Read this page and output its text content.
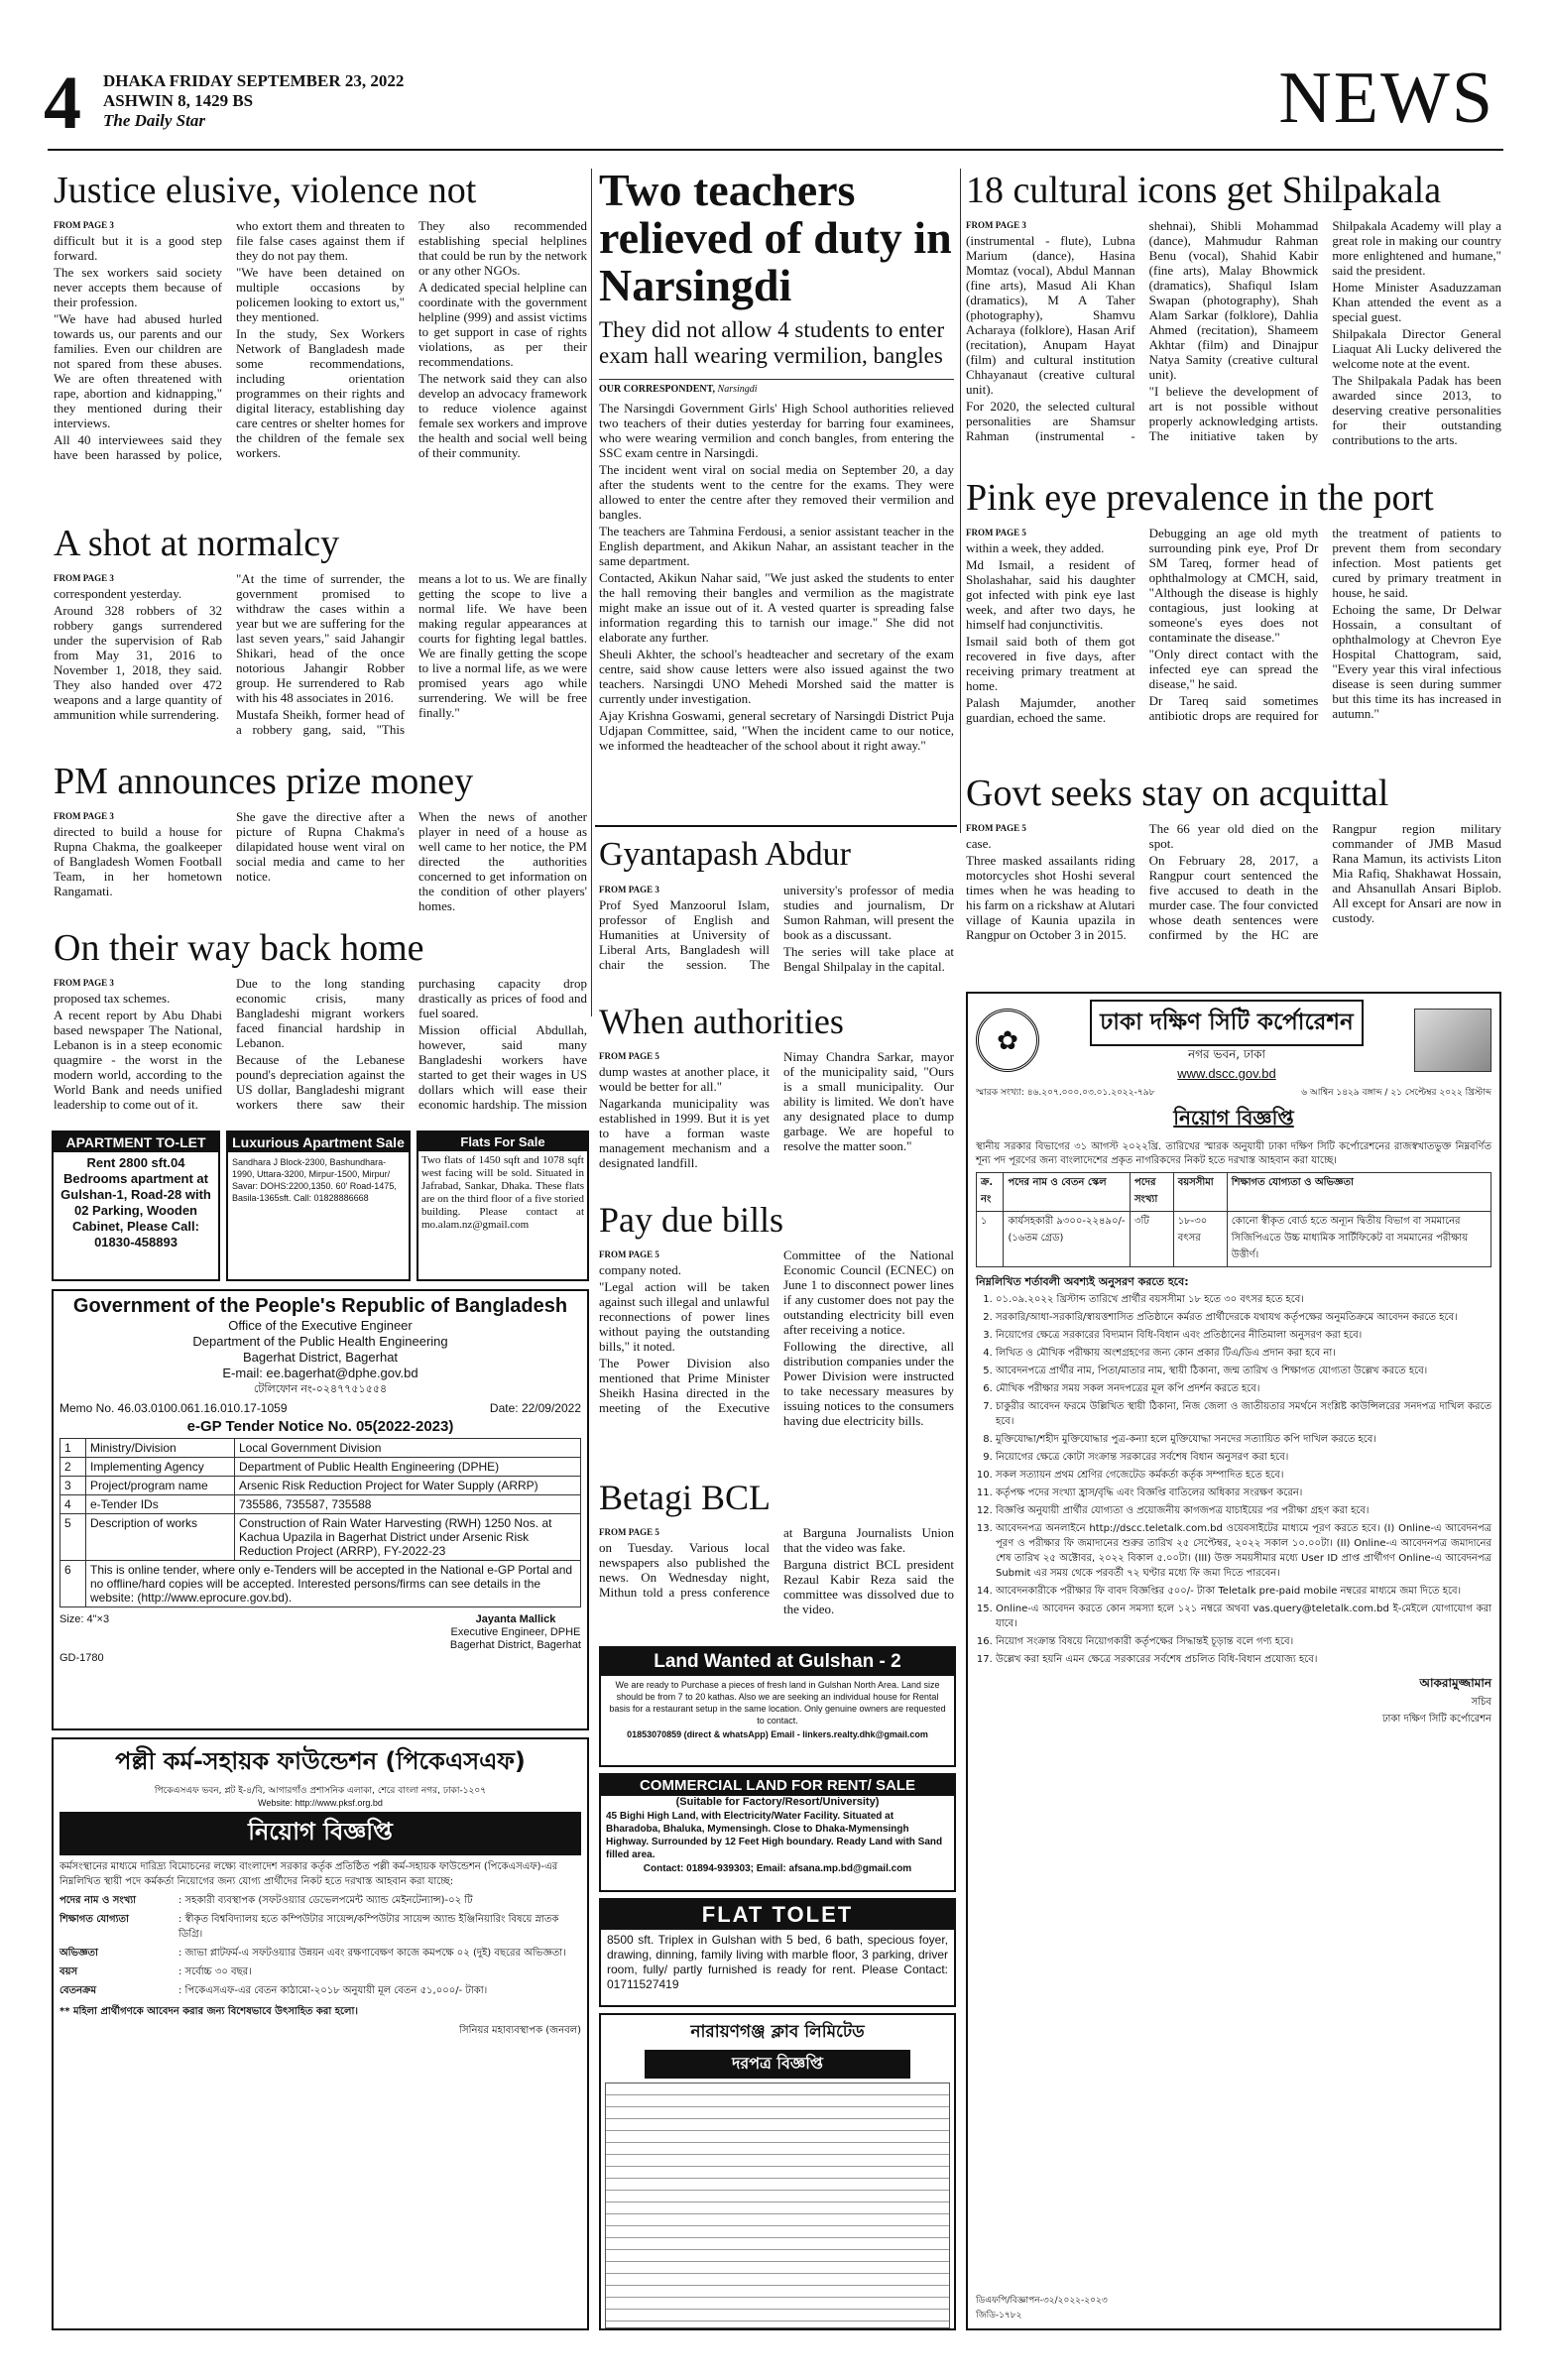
4 DHAKA FRIDAY SEPTEMBER 23, 2022
ASHWIN 8, 1429 BS
The Daily Star	NEWS
Justice elusive, violence not
FROM PAGE 3

difficult but it is a good step forward.

The sex workers said society never accepts them because of their profession.

"We have had abused hurled towards us, our parents and our families. Even our children are not spared from these abuses. We are often threatened with rape, abortion and kidnapping," they mentioned during their interviews.

All 40 interviewees said they have been harassed by police, who extort them and threaten to file false cases against them if they do not pay them.

"We have been detained on multiple occasions by policemen looking to extort us," they mentioned.

In the study, Sex Workers Network of Bangladesh made some recommendations, including orientation programmes on their rights and digital literacy, establishing day care centres or shelter homes for the children of the female sex workers.

They also recommended establishing special helplines that could be run by the network or any other NGOs.

A dedicated special helpline can coordinate with the government helpline (999) and assist victims to get support in case of rights violations, as per their recommendations.

The network said they can also develop an advocacy framework to reduce violence against female sex workers and improve the health and social well being of their community.

A shot at normalcy
FROM PAGE 3

correspondent yesterday.

Around 328 robbers of 32 robbery gangs surrendered under the supervision of Rab from May 31, 2016 to November 1, 2018, they said. They also handed over 472 weapons and a large quantity of ammunition while surrendering.

"At the time of surrender, the government promised to withdraw the cases within a year but we are suffering for the last seven years," said Jahangir Shikari, head of the once notorious Jahangir Robber group. He surrendered to Rab with his 48 associates in 2016.

Mustafa Sheikh, former head of a robbery gang, said, "This means a lot to us. We are finally getting the scope to live a normal life. We have been making regular appearances at courts for fighting legal battles. We are finally getting the scope to live a normal life, as we were promised years ago while surrendering. We will be free finally."

PM announces prize money
FROM PAGE 3

directed to build a house for Rupna Chakma, the goalkeeper of Bangladesh Women Football Team, in her hometown Rangamati.

She gave the directive after a picture of Rupna Chakma's dilapidated house went viral on social media and came to her notice.

When the news of another player in need of a house as well came to her notice, the PM directed the authorities concerned to get information on the condition of other players' homes.

On their way back home
FROM PAGE 3

proposed tax schemes.

A recent report by Abu Dhabi based newspaper The National, Lebanon is in a steep economic quagmire - the worst in the modern world, according to the World Bank and needs unified leadership to come out of it.

Due to the long standing economic crisis, many Bangladeshi migrant workers faced financial hardship in Lebanon.

Because of the Lebanese pound's depreciation against the US dollar, Bangladeshi migrant workers there saw their purchasing capacity drop drastically as prices of food and fuel soared.

Mission official Abdullah, however, said many Bangladeshi workers have started to get their wages in US dollars which will ease their economic hardship. The mission

Two teachers relieved of duty in Narsingdi
They did not allow 4 students to enter exam hall wearing vermilion, bangles
OUR CORRESPONDENT, Narsingdi

The Narsingdi Government Girls' High School authorities relieved two teachers of their duties yesterday for barring four examinees, who were wearing vermilion and conch bangles, from entering the SSC exam centre in Narsingdi.

The incident went viral on social media on September 20, a day after the students went to the centre for the exams. They were allowed to enter the centre after they removed their vermilion and bangles.

The teachers are Tahmina Ferdousi, a senior assistant teacher in the English department, and Akikun Nahar, an assistant teacher in the same department.

Contacted, Akikun Nahar said, "We just asked the students to enter the hall removing their bangles and vermilion as the magistrate might make an issue out of it. A vested quarter is spreading false information regarding this to tarnish our image." She did not elaborate any further.

Sheuli Akhter, the school's headteacher and secretary of the exam centre, said show cause letters were also issued against the two teachers. Narsingdi UNO Mehedi Morshed said the matter is currently under investigation.

Ajay Krishna Goswami, general secretary of Narsingdi District Puja Udjapan Committee, said, "When the incident came to our notice, we informed the headteacher of the school about it right away."

Gyantapash Abdur
FROM PAGE 3

Prof Syed Manzoorul Islam, professor of English and Humanities at University of Liberal Arts, Bangladesh will chair the session. The university's professor of media studies and journalism, Dr Sumon Rahman, will present the book as a discussant.

The series will take place at Bengal Shilpalay in the capital.

When authorities
FROM PAGE 5

dump wastes at another place, it would be better for all."

Nagarkanda municipality was established in 1999. But it is yet to have a forman waste management mechanism and a designated landfill.

Nimay Chandra Sarkar, mayor of the municipality said, "Ours is a small municipality. Our ability is limited. We don't have any designated place to dump garbage. We are hopeful to resolve the matter soon."

Pay due bills
FROM PAGE 5

company noted.

"Legal action will be taken against such illegal and unlawful reconnections of power lines without paying the outstanding bills," it noted.

The Power Division also mentioned that Prime Minister Sheikh Hasina directed in the meeting of the Executive Committee of the National Economic Council (ECNEC) on June 1 to disconnect power lines if any customer does not pay the outstanding electricity bill even after receiving a notice.

Following the directive, all distribution companies under the Power Division were instructed to take necessary measures by issuing notices to the consumers having due electricity bills.

Betagi BCL
FROM PAGE 5

on Tuesday. Various local newspapers also published the news. On Wednesday night, Mithun told a press conference at Barguna Journalists Union that the video was fake.

Barguna district BCL president Rezaul Kabir Reza said the committee was dissolved due to the video.

18 cultural icons get Shilpakala
FROM PAGE 3

(instrumental - flute), Lubna Marium (dance), Hasina Momtaz (vocal), Abdul Mannan (fine arts), Masud Ali Khan (dramatics), M A Taher (photography), Shamvu Acharaya (folklore), Hasan Arif (recitation), Anupam Hayat (film) and cultural institution Chhayanaut (creative cultural unit).

For 2020, the selected cultural personalities are Shamsur Rahman (instrumental - shehnai), Shibli Mohammad (dance), Mahmudur Rahman Benu (vocal), Shahid Kabir (fine arts), Malay Bhowmick (dramatics), Shafiqul Islam Swapan (photography), Shah Alam Sarkar (folklore), Dahlia Ahmed (recitation), Shameem Akhtar (film) and Dinajpur Natya Samity (creative cultural unit).

"I believe the development of art is not possible without properly acknowledging artists. The initiative taken by Shilpakala Academy will play a great role in making our country more enlightened and humane," said the president.

Home Minister Asaduzzaman Khan attended the event as a special guest.

Shilpakala Director General Liaquat Ali Lucky delivered the welcome note at the event.

The Shilpakala Padak has been awarded since 2013, to deserving creative personalities for their outstanding contributions to the arts.

Pink eye prevalence in the port
FROM PAGE 5

within a week, they added.

Md Ismail, a resident of Sholashahar, said his daughter got infected with pink eye last week, and after two days, he himself had conjunctivitis.

Ismail said both of them got recovered in five days, after receiving primary treatment at home.

Palash Majumder, another guardian, echoed the same.

Debugging an age old myth surrounding pink eye, Prof Dr SM Tareq, former head of ophthalmology at CMCH, said, "Although the disease is highly contagious, just looking at someone's eyes does not contaminate the disease."

"Only direct contact with the infected eye can spread the disease," he said.

Dr Tareq said sometimes antibiotic drops are required for the treatment of patients to prevent them from secondary infection. Most patients get cured by primary treatment in house, he said.

Echoing the same, Dr Delwar Hossain, a consultant of ophthalmology at Chevron Eye Hospital Chattogram, said, "Every year this viral infectious disease is seen during summer but this time its has increased in autumn."

Govt seeks stay on acquittal
FROM PAGE 5

case.

Three masked assailants riding motorcycles shot Hoshi several times when he was heading to his farm on a rickshaw at Alutari village of Kaunia upazila in Rangpur on October 3 in 2015.

The 66 year old died on the spot.

On February 28, 2017, a Rangpur court sentenced the five accused to death in the murder case. The four convicted whose death sentences were confirmed by the HC are Rangpur region military commander of JMB Masud Rana Mamun, its activists Liton Mia Rafiq, Shakhawat Hossain, and Ahsanullah Ansari Biplob. All except for Ansari are now in custody.

APARTMENT TO-LET
Rent 2800 sft.04 Bedrooms apartment at Gulshan-1, Road-28 with 02 Parking, Wooden Cabinet, Please Call: 01830-458893
Luxurious Apartment Sale
Sandhara J Block-2300, Bashundhara-1990, Uttara-3200, Mirpur-1500, Mirpur/ Savar: DOHS:2200,1350. 60' Road-1475, Basila-1365sft. Call: 01828886668
Flats For Sale
Two flats of 1450 sqft and 1078 sqft west facing will be sold. Situated in Jafrabad, Sankar, Dhaka. These flats are on the third floor of a five storied building. Please contact at mo.alam.nz@gmail.com
Government of the People's Republic of Bangladesh
Office of the Executive Engineer
Department of the Public Health Engineering
Bagerhat District, Bagerhat
E-mail: ee.bagerhat@dphe.gov.bd
টেলিফোন নং-০২৪৭৭৫১৫৫৪
Memo No. 46.03.0100.061.16.010.17-1059	Date: 22/09/2022
e-GP Tender Notice No. 05(2022-2023)
1	Ministry/Division	Local Government Division
2	Implementing Agency	Department of Public Health Engineering (DPHE)
3	Project/program name	Arsenic Risk Reduction Project for Water Supply (ARRP)
4	e-Tender IDs	735586, 735587, 735588
5	Description of works	Construction of Rain Water Harvesting (RWH) 1250 Nos. at Kachua Upazila in Bagerhat District under Arsenic Risk Reduction Project (ARRP), FY-2022-23
6	This is online tender, where only e-Tenders will be accepted in the National e-GP Portal and no offline/hard copies will be accepted. Interested persons/firms can see details in the website: (http://www.eprocure.gov.bd).	
Size: 4"×3	Jayanta Mallick
Executive Engineer, DPHE
Bagerhat District, Bagerhat
GD-1780
পল্লী কর্ম-সহায়ক ফাউন্ডেশন (পিকেএসএফ)
পিকেএসএফ ভবন, প্লট ই-৪/বি, আগারগাঁও প্রশাসনিক এলাকা, শেরে বাংলা নগর, ঢাকা-১২০৭
Website: http://www.pksf.org.bd
নিয়োগ বিজ্ঞপ্তি
কর্মসংস্থানের মাধ্যমে দারিদ্র্য বিমোচনের লক্ষ্যে বাংলাদেশ সরকার কর্তৃক প্রতিষ্ঠিত পল্লী কর্ম-সহায়ক ফাউন্ডেশন (পিকেএসএফ)-এর নিম্নলিখিত স্থায়ী পদে কর্মকর্তা নিয়োগের জন্য যোগ্য প্রার্থীদের নিকট হতে দরখাস্ত আহবান করা যাচ্ছে:
পদের নাম ও সংখ্যা	: সহকারী ব্যবস্থাপক (সফটওয়্যার ডেভেলপমেন্ট অ্যান্ড মেইনটেন্যান্স)-০২ টি
শিক্ষাগত যোগ্যতা	: স্বীকৃত বিশ্ববিদ্যালয় হতে কম্পিউটার সায়েন্স/কম্পিউটার সায়েন্স অ্যান্ড ইঞ্জিনিয়ারিং বিষয়ে স্নাতক ডিগ্রি।
অভিজ্ঞতা	: জাভা প্লাটফর্ম-এ সফটওয়্যার উন্নয়ন এবং রক্ষণাবেক্ষণ কাজে কমপক্ষে ০২ (দুই) বছরের অভিজ্ঞতা।
বয়স	: সর্বোচ্চ ৩০ বছর।
বেতনক্রম	: পিকেএসএফ-এর বেতন কাঠামো-২০১৮ অনুযায়ী মূল বেতন ৫১,০০০/- টাকা।
** মহিলা প্রার্থীগণকে আবেদন করার জন্য বিশেষভাবে উৎসাহিত করা হলো।
সিনিয়র মহাব্যবস্থাপক (জনবল)
Land Wanted at Gulshan - 2
We are ready to Purchase a pieces of fresh land in Gulshan North Area. Land size should be from 7 to 20 kathas. Also we are seeking an individual house for Rental basis for a restaurant setup in the same location. Only genuine owners are requested to contact.
01853070859 (direct & whatsApp) Email - linkers.realty.dhk@gmail.com
COMMERCIAL LAND FOR RENT/ SALE
(Suitable for Factory/Resort/University)
45 Bighi High Land, with Electricity/Water Facility. Situated at Bharadoba, Bhaluka, Mymensingh. Close to Dhaka-Mymensingh Highway. Surrounded by 12 Feet High boundary. Ready Land with Sand filled area.
Contact: 01894-939303; Email: afsana.mp.bd@gmail.com
FLAT TOLET
8500 sft. Triplex in Gulshan with 5 bed, 6 bath, specious foyer, drawing, dinning, family living with marble floor, 3 parking, driver room, fully/ partly furnished is ready for rent. Please Contact: 01711527419
নারায়ণগঞ্জ ক্লাব লিমিটেড
দরপত্র বিজ্ঞপ্তি
✿
ঢাকা দক্ষিণ সিটি কর্পোরেশন
নগর ভবন, ঢাকা
www.dscc.gov.bd
স্মারক সংখ্যা: ৪৬.২০৭.০০০.০৩.০১.২০২২-৭৯৮	৬ আশ্বিন ১৪২৯ বঙ্গাব্দ / ২১ সেপ্টেম্বর ২০২২ খ্রিস্টাব্দ
নিয়োগ বিজ্ঞপ্তি
স্থানীয় সরকার বিভাগের ৩১ আগস্ট ২০২২খ্রি. তারিখের স্মারক অনুযায়ী ঢাকা দক্ষিণ সিটি কর্পোরেশনের রাজস্বখাতভুক্ত নিম্নবর্ণিত শূন্য পদ পূরণের জন্য বাংলাদেশের প্রকৃত নাগরিকদের নিকট হতে দরখাস্ত আহবান করা যাচ্ছে।
ক্র. নং	পদের নাম ও বেতন স্কেল	পদের সংখ্যা	বয়সসীমা	শিক্ষাগত যোগ্যতা ও অভিজ্ঞতা
১	কার্যসহকারী ৯৩০০-২২৪৯০/- (১৬তম গ্রেড)	৩টি	১৮-৩০ বৎসর	কোনো স্বীকৃত বোর্ড হতে অন্যূন দ্বিতীয় বিভাগ বা সমমানের সিজিপিএতে উচ্চ মাধ্যমিক সার্টিফিকেট বা সমমানের পরীক্ষায় উত্তীর্ণ।
নিম্নলিখিত শর্তাবলী অবশ্যই অনুসরণ করতে হবে:
1. ০১.০৯.২০২২ খ্রিস্টাব্দ তারিখে প্রার্থীর বয়সসীমা ১৮ হতে ৩০ বৎসর হতে হবে।
2. সরকারি/আধা-সরকারি/স্বায়ত্তশাসিত প্রতিষ্ঠানে কর্মরত প্রার্থীদেরকে যথাযথ কর্তৃপক্ষের অনুমতিক্রমে আবেদন করতে হবে।
3. নিয়োগের ক্ষেত্রে সরকারের বিদ্যমান বিধি-বিধান এবং প্রতিষ্ঠানের নীতিমালা অনুসরণ করা হবে।
4. লিখিত ও মৌখিক পরীক্ষায় অংশগ্রহণের জন্য কোন প্রকার টিএ/ডিএ প্রদান করা হবে না।
5. আবেদনপত্রে প্রার্থীর নাম, পিতা/মাতার নাম, স্থায়ী ঠিকানা, জন্ম তারিখ ও শিক্ষাগত যোগ্যতা উল্লেখ করতে হবে।
6. মৌখিক পরীক্ষার সময় সকল সনদপত্রের মূল কপি প্রদর্শন করতে হবে।
7. চাকুরীর আবেদন ফরমে উল্লিখিত স্থায়ী ঠিকানা, নিজ জেলা ও জাতীয়তার সমর্থনে সংশ্লিষ্ট কাউন্সিলরের সনদপত্র দাখিল করতে হবে।
8. মুক্তিযোদ্ধা/শহীদ মুক্তিযোদ্ধার পুত্র-কন্যা হলে মুক্তিযোদ্ধা সনদের সত্যায়িত কপি দাখিল করতে হবে।
9. নিয়োগের ক্ষেত্রে কোটা সংক্রান্ত সরকারের সর্বশেষ বিধান অনুসরণ করা হবে।
10. সকল সত্যায়ন প্রথম শ্রেণির গেজেটেড কর্মকর্তা কর্তৃক সম্পাদিত হতে হবে।
11. কর্তৃপক্ষ পদের সংখ্যা হ্রাস/বৃদ্ধি এবং বিজ্ঞপ্তি বাতিলের অধিকার সংরক্ষণ করেন।
12. বিজ্ঞপ্তি অনুযায়ী প্রার্থীর যোগ্যতা ও প্রয়োজনীয় কাগজপত্র যাচাইয়ের পর পরীক্ষা গ্রহণ করা হবে।
13. আবেদনপত্র অনলাইনে http://dscc.teletalk.com.bd ওয়েবসাইটের মাধ্যমে পূরণ করতে হবে। (I) Online-এ আবেদনপত্র পূরণ ও পরীক্ষার ফি জমাদানের শুরুর তারিখ ২৫ সেপ্টেম্বর, ২০২২ সকাল ১০.০০টা। (II) Online-এ আবেদনপত্র জমাদানের শেষ তারিখ ২৫ অক্টোবর, ২০২২ বিকাল ৫.০০টা। (III) উক্ত সময়সীমার মধ্যে User ID প্রাপ্ত প্রার্থীগণ Online-এ আবেদনপত্র Submit এর সময় থেকে পরবর্তী ৭২ ঘণ্টার মধ্যে ফি জমা দিতে পারবেন।
14. আবেদনকারীকে পরীক্ষার ফি বাবদ বিজ্ঞপ্তির ৫০০/- টাকা Teletalk pre-paid mobile নম্বরের মাধ্যমে জমা দিতে হবে।
15. Online-এ আবেদন করতে কোন সমস্যা হলে ১২১ নম্বরে অথবা vas.query@teletalk.com.bd ই-মেইলে যোগাযোগ করা যাবে।
16. নিয়োগ সংক্রান্ত বিষয়ে নিয়োগকারী কর্তৃপক্ষের সিদ্ধান্তই চূড়ান্ত বলে গণ্য হবে।
17. উল্লেখ করা হয়নি এমন ক্ষেত্রে সরকারের সর্বশেষ প্রচলিত বিধি-বিধান প্রযোজ্য হবে।
আকরামুজ্জামান
সচিব
ঢাকা দক্ষিণ সিটি কর্পোরেশন
ডিএফপি/বিজ্ঞাপন-৩২/২০২২-২০২৩
জিডি-১৭৮২
